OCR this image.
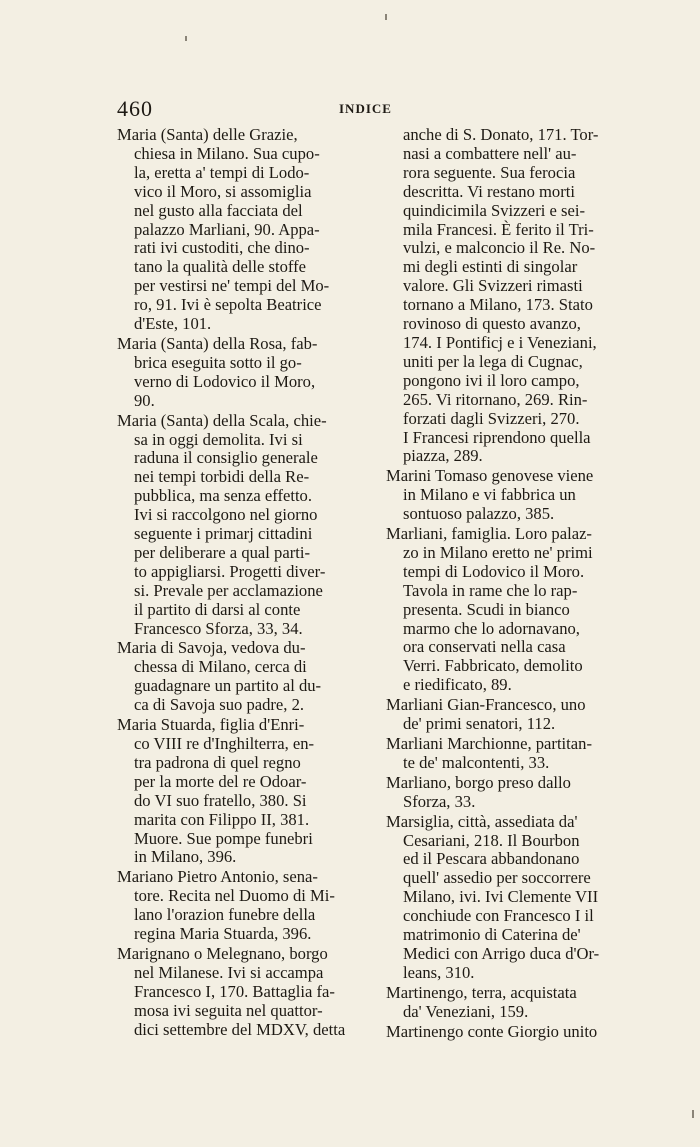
460	INDICE
Maria (Santa) delle Grazie,
chiesa in Milano. Sua cupo-
la, eretta a' tempi di Lodo-
vico il Moro, si assomiglia
nel gusto alla facciata del
palazzo Marliani, 90. Appa-
rati ivi custoditi, che dino-
tano la qualità delle stoffe
per vestirsi ne' tempi del Mo-
ro, 91. Ivi è sepolta Beatrice
d'Este, 101.
Maria (Santa) della Rosa, fab-
brica eseguita sotto il go-
verno di Lodovico il Moro,
90.
Maria (Santa) della Scala, chie-
sa in oggi demolita. Ivi si
raduna il consiglio generale
nei tempi torbidi della Re-
pubblica, ma senza effetto.
Ivi si raccolgono nel giorno
seguente i primarj cittadini
per deliberare a qual parti-
to appigliarsi. Progetti diver-
si. Prevale per acclamazione
il partito di darsi al conte
Francesco Sforza, 33, 34.
Maria di Savoja, vedova du-
chessa di Milano, cerca di
guadagnare un partito al du-
ca di Savoja suo padre, 2.
Maria Stuarda, figlia d'Enri-
co VIII re d'Inghilterra, en-
tra padrona di quel regno
per la morte del re Odoar-
do VI suo fratello, 380. Si
marita con Filippo II, 381.
Muore. Sue pompe funebri
in Milano, 396.
Mariano Pietro Antonio, sena-
tore. Recita nel Duomo di Mi-
lano l'orazion funebre della
regina Maria Stuarda, 396.
Marignano o Melegnano, borgo
nel Milanese. Ivi si accampa
Francesco I, 170. Battaglia fa-
mosa ivi seguita nel quattor-
dici settembre del MDXV, detta
anche di S. Donato, 171. Tor-
nasi a combattere nell' au-
rora seguente. Sua ferocia
descritta. Vi restano morti
quindicimila Svizzeri e sei-
mila Francesi. È ferito il Tri-
vulzi, e malconcio il Re. No-
mi degli estinti di singolar
valore. Gli Svizzeri rimasti
tornano a Milano, 173. Stato
rovinoso di questo avanzo,
174. I Pontificj e i Veneziani,
uniti per la lega di Cugnac,
pongono ivi il loro campo,
265. Vi ritornano, 269. Rin-
forzati dagli Svizzeri, 270.
I Francesi riprendono quella
piazza, 289.
Marini Tomaso genovese viene
in Milano e vi fabbrica un
sontuoso palazzo, 385.
Marliani, famiglia. Loro palaz-
zo in Milano eretto ne' primi
tempi di Lodovico il Moro.
Tavola in rame che lo rap-
presenta. Scudi in bianco
marmo che lo adornavano,
ora conservati nella casa
Verri. Fabbricato, demolito
e riedificato, 89.
Marliani Gian-Francesco, uno
de' primi senatori, 112.
Marliani Marchionne, partitan-
te de' malcontenti, 33.
Marliano, borgo preso dallo
Sforza, 33.
Marsiglia, città, assediata da'
Cesariani, 218. Il Bourbon
ed il Pescara abbandonano
quell' assedio per soccorrere
Milano, ivi. Ivi Clemente VII
conchiude con Francesco I il
matrimonio di Caterina de'
Medici con Arrigo duca d'Or-
leans, 310.
Martinengo, terra, acquistata
da' Veneziani, 159.
Martinengo conte Giorgio unito
